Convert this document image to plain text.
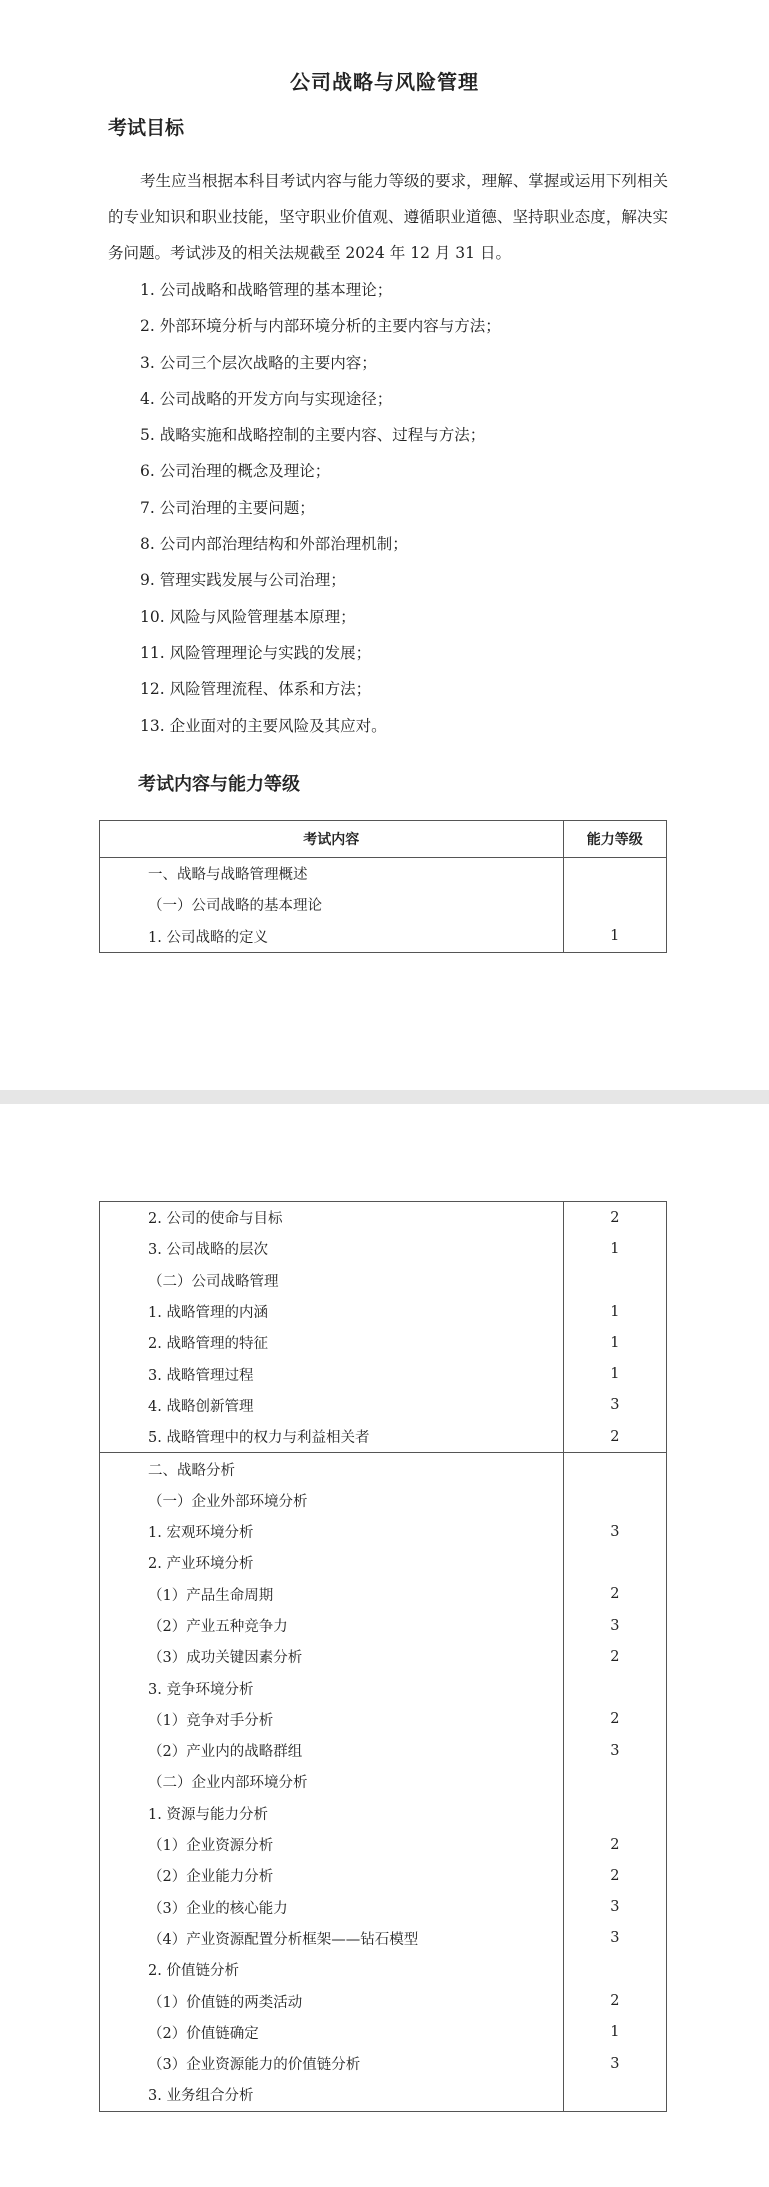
公司战略与风险管理
考试目标
考生应当根据本科目考试内容与能力等级的要求，理解、掌握或运用下列相关的专业知识和职业技能，坚守职业价值观、遵循职业道德、坚持职业态度，解决实务问题。考试涉及的相关法规截至 2024 年 12 月 31 日。
1. 公司战略和战略管理的基本理论；
2. 外部环境分析与内部环境分析的主要内容与方法；
3. 公司三个层次战略的主要内容；
4. 公司战略的开发方向与实现途径；
5. 战略实施和战略控制的主要内容、过程与方法；
6. 公司治理的概念及理论；
7. 公司治理的主要问题；
8. 公司内部治理结构和外部治理机制；
9. 管理实践发展与公司治理；
10. 风险与风险管理基本原理；
11. 风险管理理论与实践的发展；
12. 风险管理流程、体系和方法；
13. 企业面对的主要风险及其应对。
考试内容与能力等级
考试内容	能力等级
一、战略与战略管理概述	
（一）公司战略的基本理论	
1. 公司战略的定义	1
2. 公司的使命与目标	2
3. 公司战略的层次	1
（二）公司战略管理	
1. 战略管理的内涵	1
2. 战略管理的特征	1
3. 战略管理过程	1
4. 战略创新管理	3
5. 战略管理中的权力与利益相关者	2
二、战略分析	
（一）企业外部环境分析	
1. 宏观环境分析	3
2. 产业环境分析	
（1）产品生命周期	2
（2）产业五种竞争力	3
（3）成功关键因素分析	2
3. 竞争环境分析	
（1）竞争对手分析	2
（2）产业内的战略群组	3
（二）企业内部环境分析	
1. 资源与能力分析	
（1）企业资源分析	2
（2）企业能力分析	2
（3）企业的核心能力	3
（4）产业资源配置分析框架——钻石模型	3
2. 价值链分析	
（1）价值链的两类活动	2
（2）价值链确定	1
（3）企业资源能力的价值链分析	3
3. 业务组合分析	
